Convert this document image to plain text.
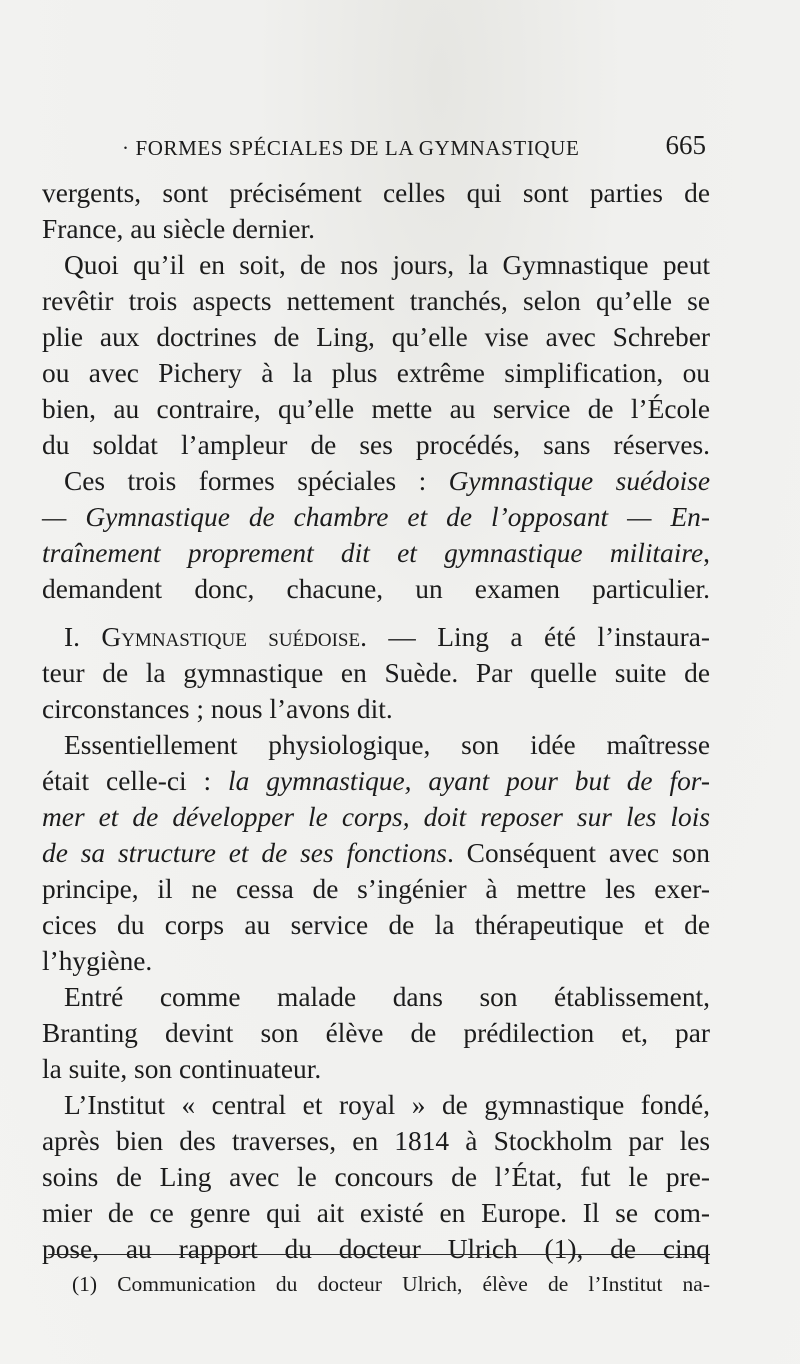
· FORMES SPÉCIALES DE LA GYMNASTIQUE	665
vergents, sont précisément celles qui sont parties de
France, au siècle dernier.
Quoi qu’il en soit, de nos jours, la Gymnastique peut
revêtir trois aspects nettement tranchés, selon qu’elle se
plie aux doctrines de Ling, qu’elle vise avec Schreber
ou avec Pichery à la plus extrême simplification, ou
bien, au contraire, qu’elle mette au service de l’École
du soldat l’ampleur de ses procédés, sans réserves.
Ces trois formes spéciales : Gymnastique suédoise
— Gymnastique de chambre et de l’opposant — En-
traînement proprement dit et gymnastique militaire,
demandent donc, chacune, un examen particulier.
I. Gymnastique suédoise. — Ling a été l’instaura-
teur de la gymnastique en Suède. Par quelle suite de
circonstances ; nous l’avons dit.
Essentiellement physiologique, son idée maîtresse
était celle-ci : la gymnastique, ayant pour but de for-
mer et de développer le corps, doit reposer sur les lois
de sa structure et de ses fonctions. Conséquent avec son
principe, il ne cessa de s’ingénier à mettre les exer-
cices du corps au service de la thérapeutique et de
l’hygiène.
Entré comme malade dans son établissement,
Branting devint son élève de prédilection et, par
la suite, son continuateur.
L’Institut « central et royal » de gymnastique fondé,
après bien des traverses, en 1814 à Stockholm par les
soins de Ling avec le concours de l’État, fut le pre-
mier de ce genre qui ait existé en Europe. Il se com-
pose, au rapport du docteur Ulrich (1), de cinq
(1) Communication du docteur Ulrich, élève de l’Institut na-
